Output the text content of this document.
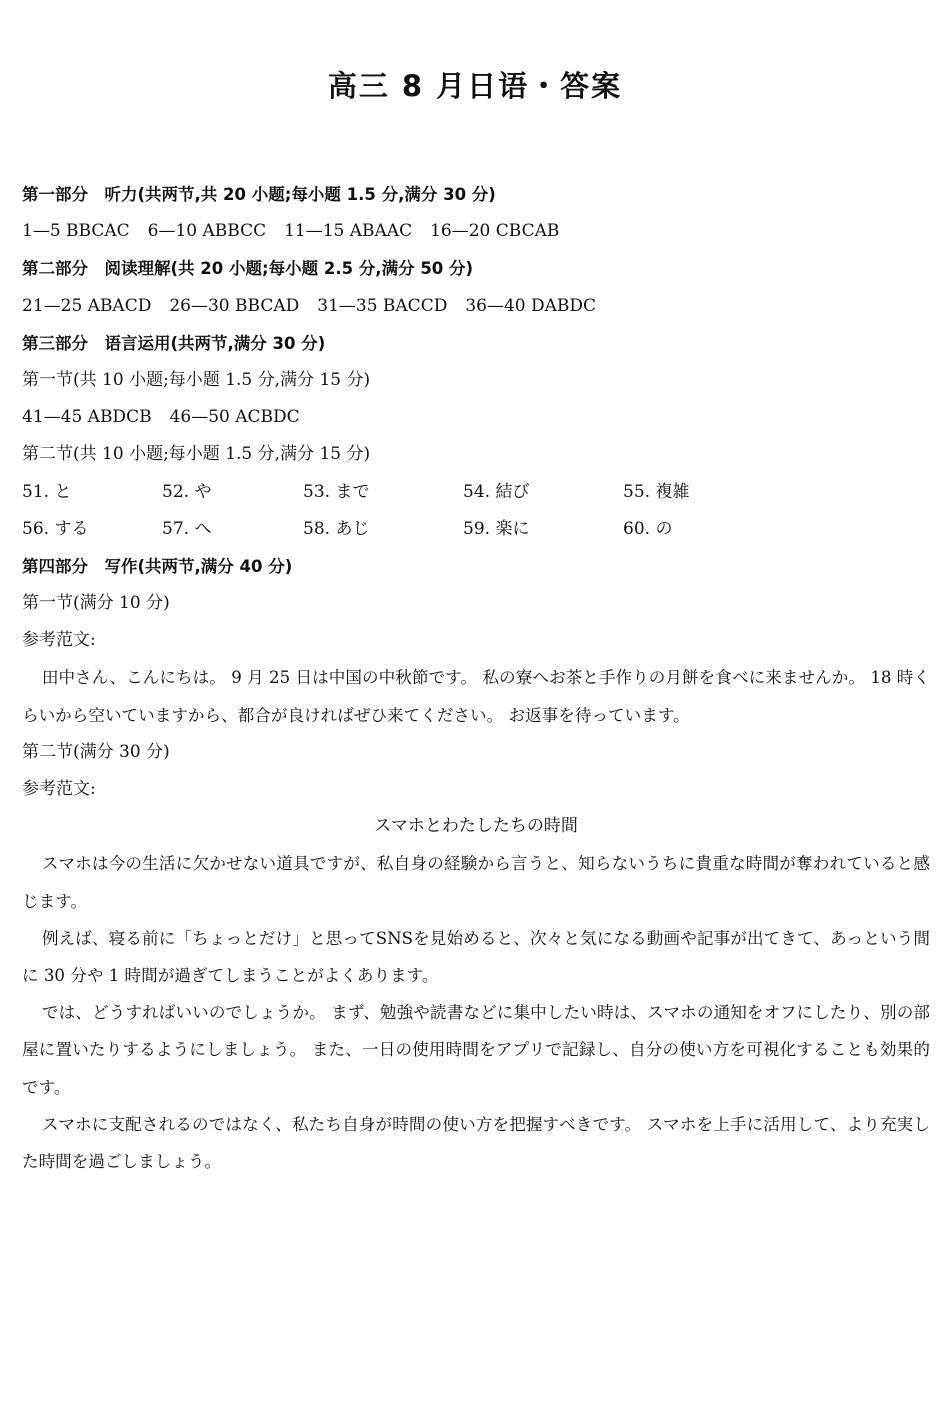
高三 8 月日语・答案
第一部分　听力(共两节,共 20 小题;每小题 1.5 分,满分 30 分)
1—5 BBCAC 6—10 ABBCC 11—15 ABAAC 16—20 CBCAB
第二部分　阅读理解(共 20 小题;每小题 2.5 分,满分 50 分)
21—25 ABACD 26—30 BBCAD 31—35 BACCD 36—40 DABDC
第三部分　语言运用(共两节,满分 30 分)
第一节(共 10 小题;每小题 1.5 分,满分 15 分)
41—45 ABDCB 46—50 ACBDC
第二节(共 10 小题;每小题 1.5 分,满分 15 分)
51. と	52. や	53. まで	54. 結び	55. 複雑
56. する	57. へ	58. あじ	59. 楽に	60. の
第四部分　写作(共两节,满分 40 分)
第一节(满分 10 分)
参考范文:

田中さん、こんにちは。 9 月 25 日は中国の中秋節です。 私の寮へお茶と手作りの月餅を食べに来ませんか。 18 時くらいから空いていますから、都合が良ければぜひ来てください。 お返事を待っています。

第二节(满分 30 分)
参考范文:
スマホとわたしたちの時間

スマホは今の生活に欠かせない道具ですが、私自身の経験から言うと、知らないうちに貴重な時間が奪われていると感じます。

例えば、寝る前に「ちょっとだけ」と思ってSNSを見始めると、次々と気になる動画や記事が出てきて、あっという間に 30 分や 1 時間が過ぎてしまうことがよくあります。

では、どうすればいいのでしょうか。 まず、勉強や読書などに集中したい時は、スマホの通知をオフにしたり、別の部屋に置いたりするようにしましょう。 また、一日の使用時間をアプリで記録し、自分の使い方を可視化することも効果的です。

スマホに支配されるのではなく、私たち自身が時間の使い方を把握すべきです。 スマホを上手に活用して、より充実した時間を過ごしましょう。
